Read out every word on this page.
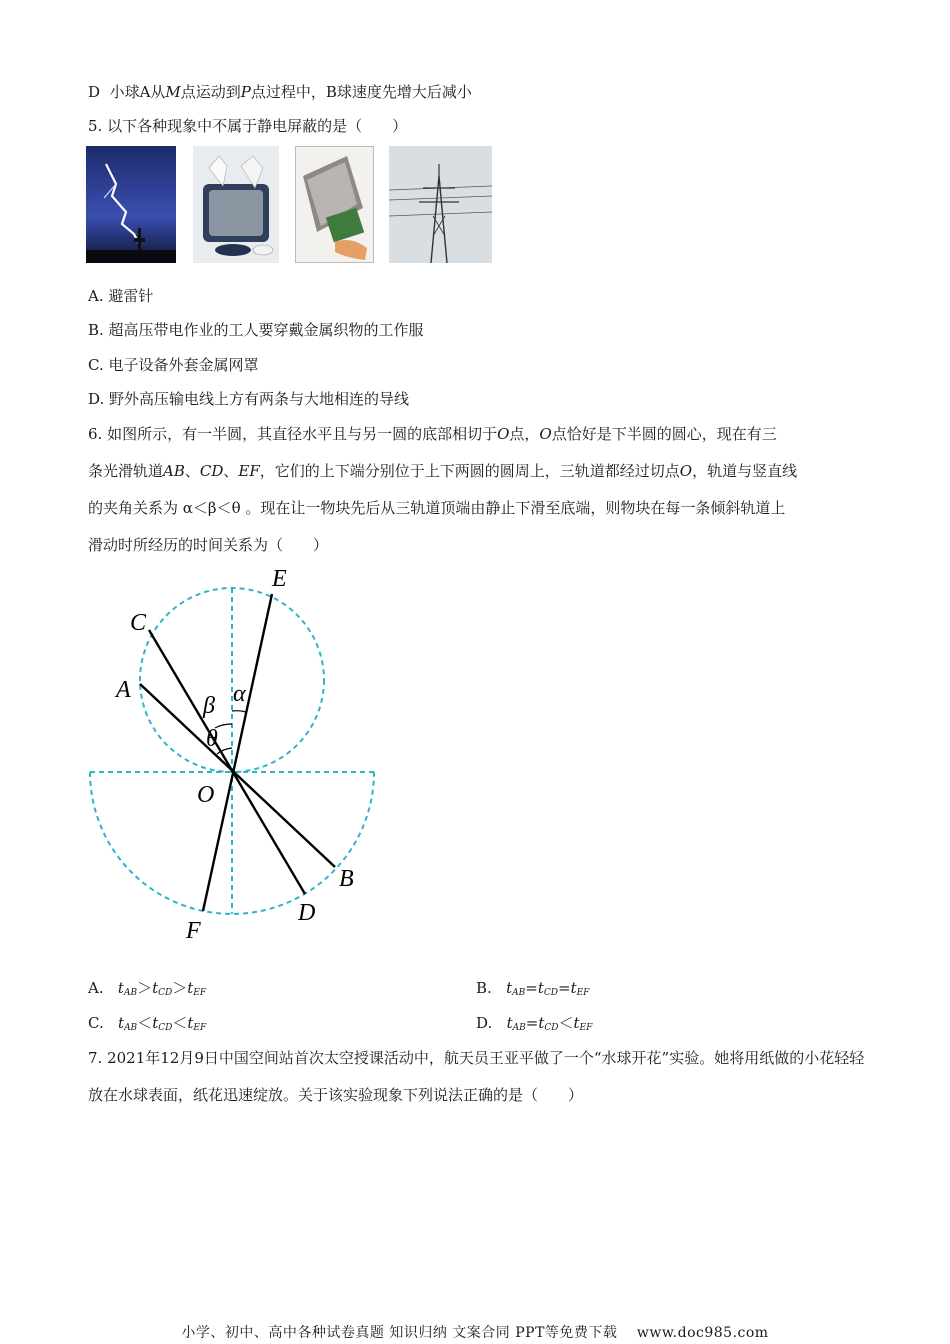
D 小球A从M点运动到P点过程中，B球速度先增大后减小
5. 以下各种现象中不属于静电屏蔽的是（　　）
A. 避雷针
B. 超高压带电作业的工人要穿戴金属织物的工作服
C. 电子设备外套金属网罩
D. 野外高压输电线上方有两条与大地相连的导线
6. 如图所示，有一半圆，其直径水平且与另一圆的底部相切于O点，O点恰好是下半圆的圆心，现在有三
条光滑轨道AB、CD、EF，它们的上下端分别位于上下两圆的圆周上，三轨道都经过切点O，轨道与竖直线
的夹角关系为 α＜β＜θ 。现在让一物块先后从三轨道顶端由静止下滑至底端，则物块在每一条倾斜轨道上
滑动时所经历的时间关系为（　　）
E
C
A
O
B
D
F
α
β
θ
A. $t_{AB}>t_{CD}>t_{EF}$	B. $t_{AB}=t_{CD}=t_{EF}$
C. $t_{AB}<t_{CD}<t_{EF}$	D. $t_{AB}=t_{CD}<t_{EF}$
7. 2021年12月9日中国空间站首次太空授课活动中，航天员王亚平做了一个“水球开花”实验。她将用纸做的小花轻轻放在水球表面，纸花迅速绽放。关于该实验现象下列说法正确的是（　　）
小学、初中、高中各种试卷真题 知识归纳 文案合同 PPT等免费下载　 www.doc985.com
